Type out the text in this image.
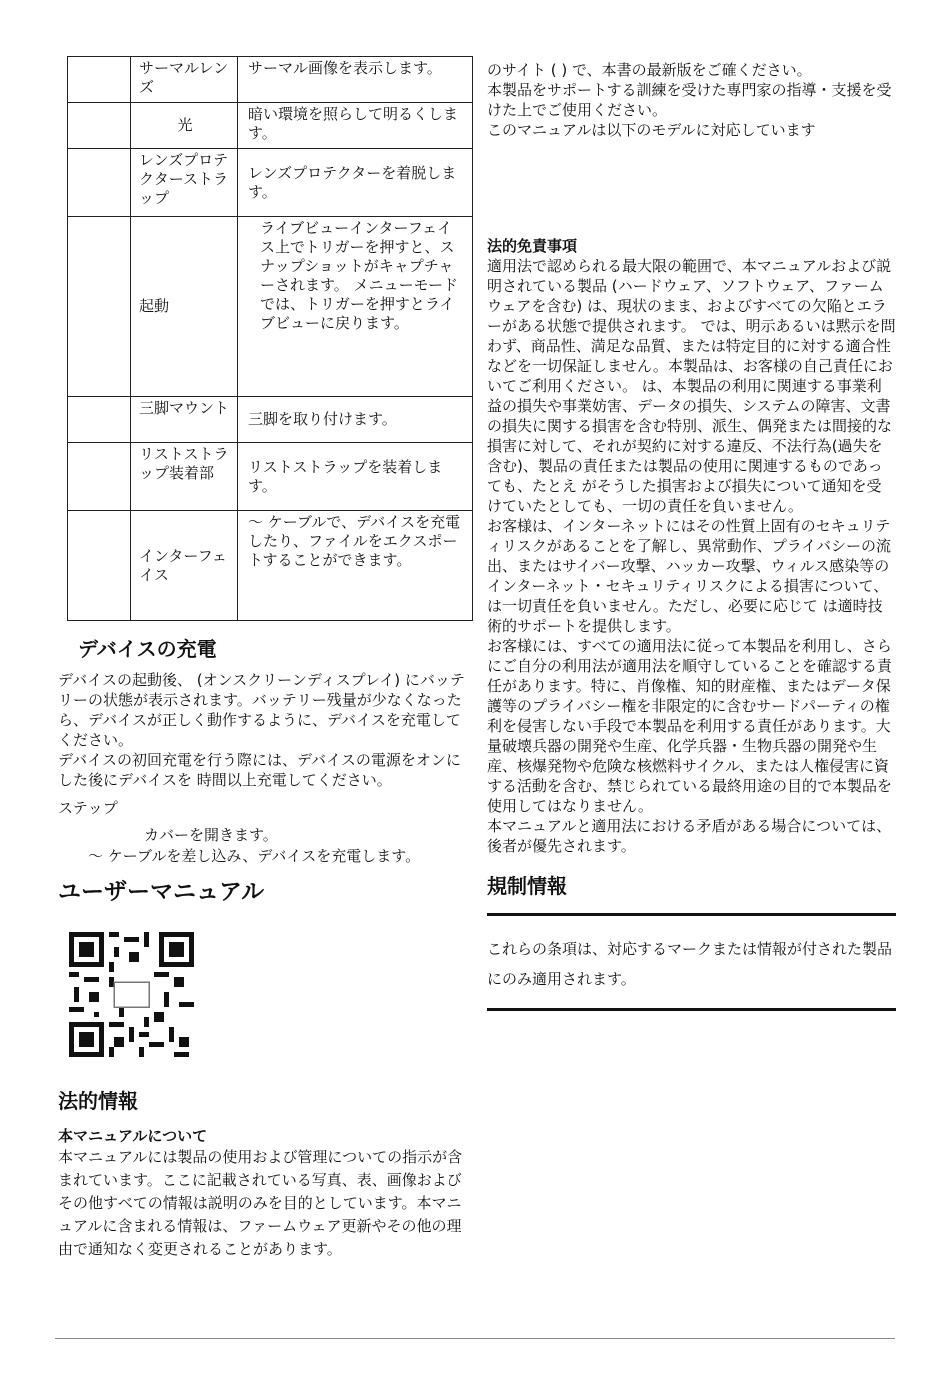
	サーマルレンズ	サーマル画像を表示します。
	光	暗い環境を照らして明るくします。
	レンズプロテクターストラップ	レンズプロテクターを着脱します。
	起動	ライブビューインターフェイス上でトリガーを押すと、スナップショットがキャプチャーされます。 メニューモードでは、トリガーを押すとライブビューに戻ります。
	三脚マウント	三脚を取り付けます。
	リストストラップ装着部	リストストラップを装着します。
	インターフェイス	～ ケーブルで、デバイスを充電したり、ファイルをエクスポートすることができます。
デバイスの充電

デバイスの起動後、 (オンスクリーンディスプレイ) にバッテリーの状態が表示されます。バッテリー残量が少なくなったら、デバイスが正しく動作するように、デバイスを充電してください。

デバイスの初回充電を行う際には、デバイスの電源をオンにした後にデバイスを 時間以上充電してください。

ステップ
カバーを開きます。
～ ケーブルを差し込み、デバイスを充電します。
ユーザーマニュアル
法的情報
本マニュアルについて

本マニュアルには製品の使用および管理についての指示が含まれています。ここに記載されている写真、表、画像およびその他すべての情報は説明のみを目的としています。本マニュアルに含まれる情報は、ファームウェア更新やその他の理由で通知なく変更されることがあります。

のサイト ( ) で、本書の最新版をご確ください。

本製品をサポートする訓練を受けた専門家の指導・支援を受けた上でご使用ください。

このマニュアルは以下のモデルに対応しています

法的免責事項

適用法で認められる最大限の範囲で、本マニュアルおよび説明されている製品 (ハードウェア、ソフトウェア、ファームウェアを含む) は、現状のまま、およびすべての欠陥とエラーがある状態で提供されます。 では、明示あるいは黙示を問わず、商品性、満足な品質、または特定目的に対する適合性などを一切保証しません。本製品は、お客様の自己責任においてご利用ください。 は、本製品の利用に関連する事業利益の損失や事業妨害、データの損失、システムの障害、文書の損失に関する損害を含む特別、派生、偶発または間接的な損害に対して、それが契約に対する違反、不法行為(過失を含む)、製品の責任または製品の使用に関連するものであっても、たとえ がそうした損害および損失について通知を受けていたとしても、一切の責任を負いません。

お客様は、インターネットにはその性質上固有のセキュリティリスクがあることを了解し、異常動作、プライバシーの流出、またはサイバー攻撃、ハッカー攻撃、ウィルス感染等のインターネット・セキュリティリスクによる損害について、 は一切責任を負いません。ただし、必要に応じて は適時技術的サポートを提供します。

お客様には、すべての適用法に従って本製品を利用し、さらにご自分の利用法が適用法を順守していることを確認する責任があります。特に、肖像権、知的財産権、またはデータ保護等のプライバシー権を非限定的に含むサードパーティの権利を侵害しない手段で本製品を利用する責任があります。大量破壊兵器の開発や生産、化学兵器・生物兵器の開発や生産、核爆発物や危険な核燃料サイクル、または人権侵害に資する活動を含む、禁じられている最終用途の目的で本製品を使用してはなりません。

本マニュアルと適用法における矛盾がある場合については、後者が優先されます。

規制情報

これらの条項は、対応するマークまたは情報が付された製品にのみ適用されます。
